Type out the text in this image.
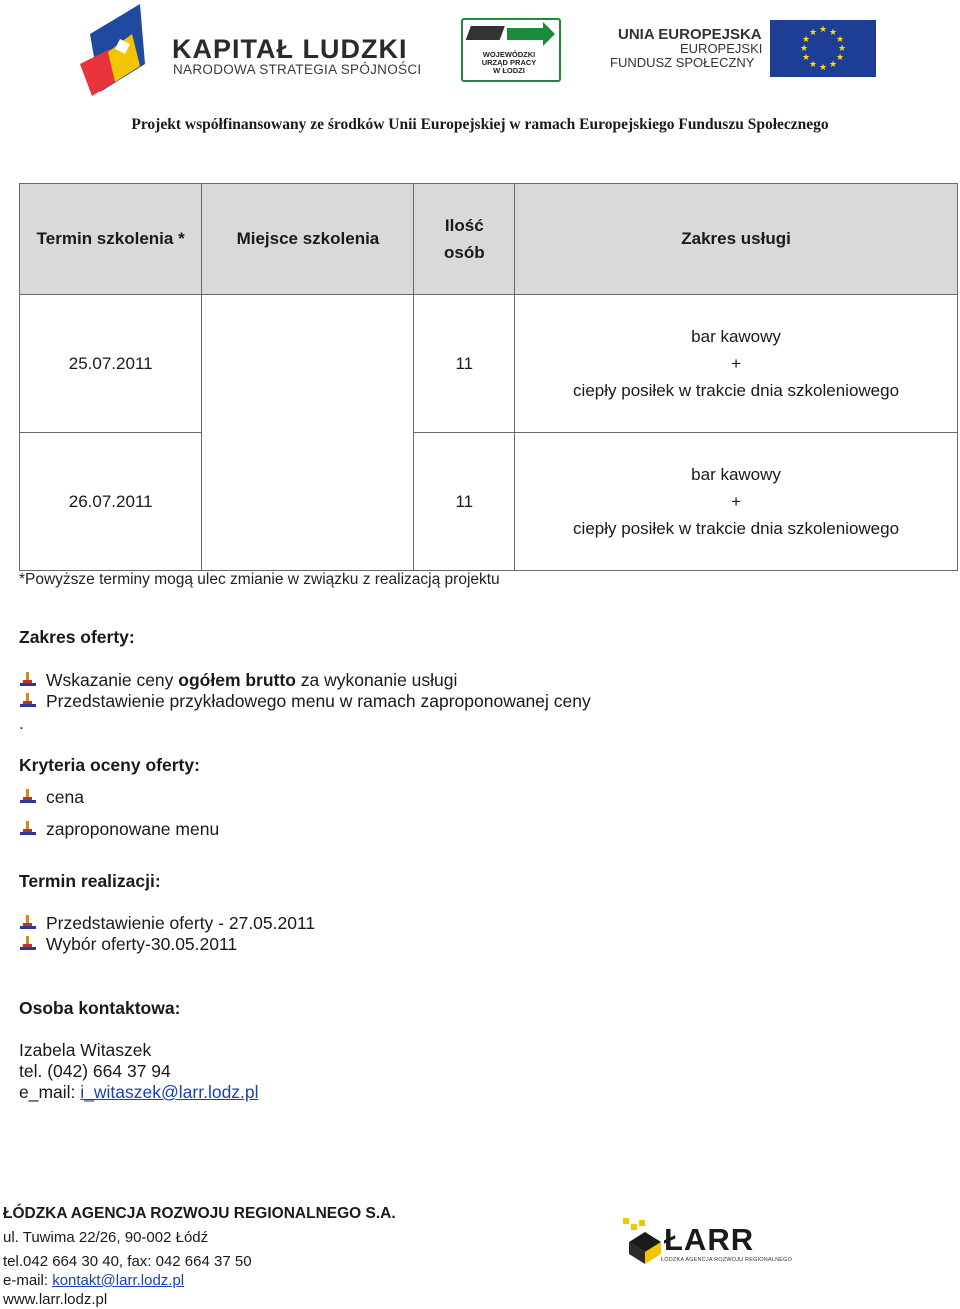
KAPITAŁ LUDZKI
NARODOWA STRATEGIA SPÓJNOŚCI
WOJEWÓDZKI URZĄD PRACY W ŁODZI
UNIA EUROPEJSKA
EUROPEJSKI
FUNDUSZ SPOŁECZNY
★ ★
★
★
★
★
★
★
★
★
★
★
Projekt współfinansowany ze środków Unii Europejskiej w ramach Europejskiego Funduszu Społecznego
Termin szkolenia *	Miejsce szkolenia	Ilość
osób	Zakres usługi
25.07.2011		11	bar kawowy
+
ciepły posiłek w trakcie dnia szkoleniowego

26.07.2011		11	bar kawowy
+
ciepły posiłek w trakcie dnia szkoleniowego
*Powyższe terminy mogą ulec zmianie w związku z realizacją projektu
Zakres oferty:
Wskazanie ceny ogółem brutto za wykonanie usługi
Przedstawienie przykładowego menu w ramach zaproponowanej ceny
.
Kryteria oceny oferty:
cena
zaproponowane menu
Termin realizacji:
Przedstawienie oferty - 27.05.2011
Wybór oferty-30.05.2011
Osoba kontaktowa:
Izabela Witaszek
tel. (042) 664 37 94
e_mail: i_witaszek@larr.lodz.pl
ŁÓDZKA AGENCJA ROZWOJU REGIONALNEGO S.A.
ul. Tuwima 22/26, 90-002 Łódź
tel.042 664 30 40, fax: 042 664 37 50
e-mail: kontakt@larr.lodz.pl
www.larr.lodz.pl
ŁARR
ŁÓDZKA AGENCJA ROZWOJU REGIONALNEGO
